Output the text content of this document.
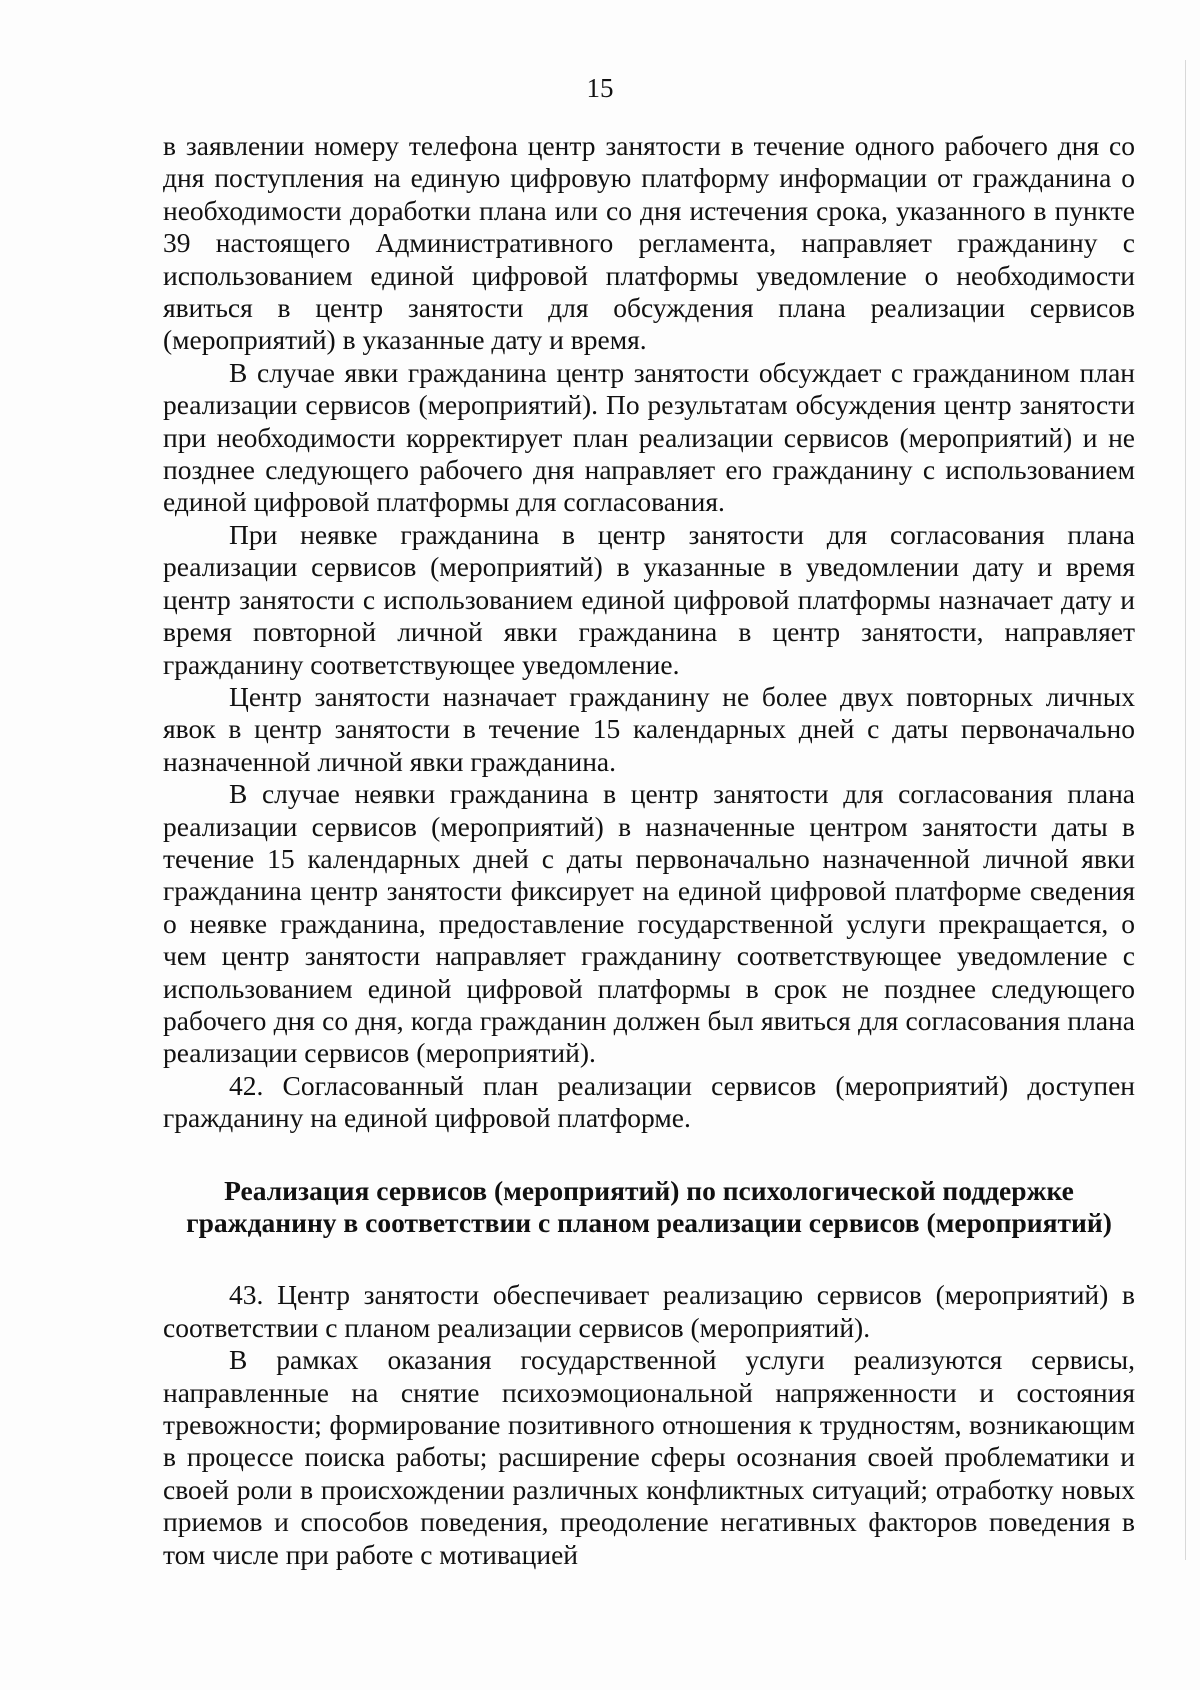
15

в заявлении номеру телефона центр занятости в течение одного рабочего дня со дня поступления на единую цифровую платформу информации от гражданина о необходимости доработки плана или со дня истечения срока, указанного в пункте 39 настоящего Административного регламента, направляет гражданину с использованием единой цифровой платформы уведомление о необходимости явиться в центр занятости для обсуждения плана реализации сервисов (мероприятий) в указанные дату и время.

В случае явки гражданина центр занятости обсуждает с гражданином план реализации сервисов (мероприятий). По результатам обсуждения центр занятости при необходимости корректирует план реализации сервисов (мероприятий) и не позднее следующего рабочего дня направляет его гражданину с использованием единой цифровой платформы для согласования.

При неявке гражданина в центр занятости для согласования плана реализации сервисов (мероприятий) в указанные в уведомлении дату и время центр занятости с использованием единой цифровой платформы назначает дату и время повторной личной явки гражданина в центр занятости, направляет гражданину соответствующее уведомление.

Центр занятости назначает гражданину не более двух повторных личных явок в центр занятости в течение 15 календарных дней с даты первоначально назначенной личной явки гражданина.

В случае неявки гражданина в центр занятости для согласования плана реализации сервисов (мероприятий) в назначенные центром занятости даты в течение 15 календарных дней с даты первоначально назначенной личной явки гражданина центр занятости фиксирует на единой цифровой платформе сведения о неявке гражданина, предоставление государственной услуги прекращается, о чем центр занятости направляет гражданину соответствующее уведомление с использованием единой цифровой платформы в срок не позднее следующего рабочего дня со дня, когда гражданин должен был явиться для согласования плана реализации сервисов (мероприятий).

42. Согласованный план реализации сервисов (мероприятий) доступен гражданину на единой цифровой платформе.

Реализация сервисов (мероприятий) по психологической поддержке
гражданину в соответствии с планом реализации сервисов (мероприятий)

43. Центр занятости обеспечивает реализацию сервисов (мероприятий) в соответствии с планом реализации сервисов (мероприятий).

В рамках оказания государственной услуги реализуются сервисы, направленные на снятие психоэмоциональной напряженности и состояния тревожности; формирование позитивного отношения к трудностям, возникающим в процессе поиска работы; расширение сферы осознания своей проблематики и своей роли в происхождении различных конфликтных ситуаций; отработку новых приемов и способов поведения, преодоление негативных факторов поведения в том числе при работе с мотивацией
